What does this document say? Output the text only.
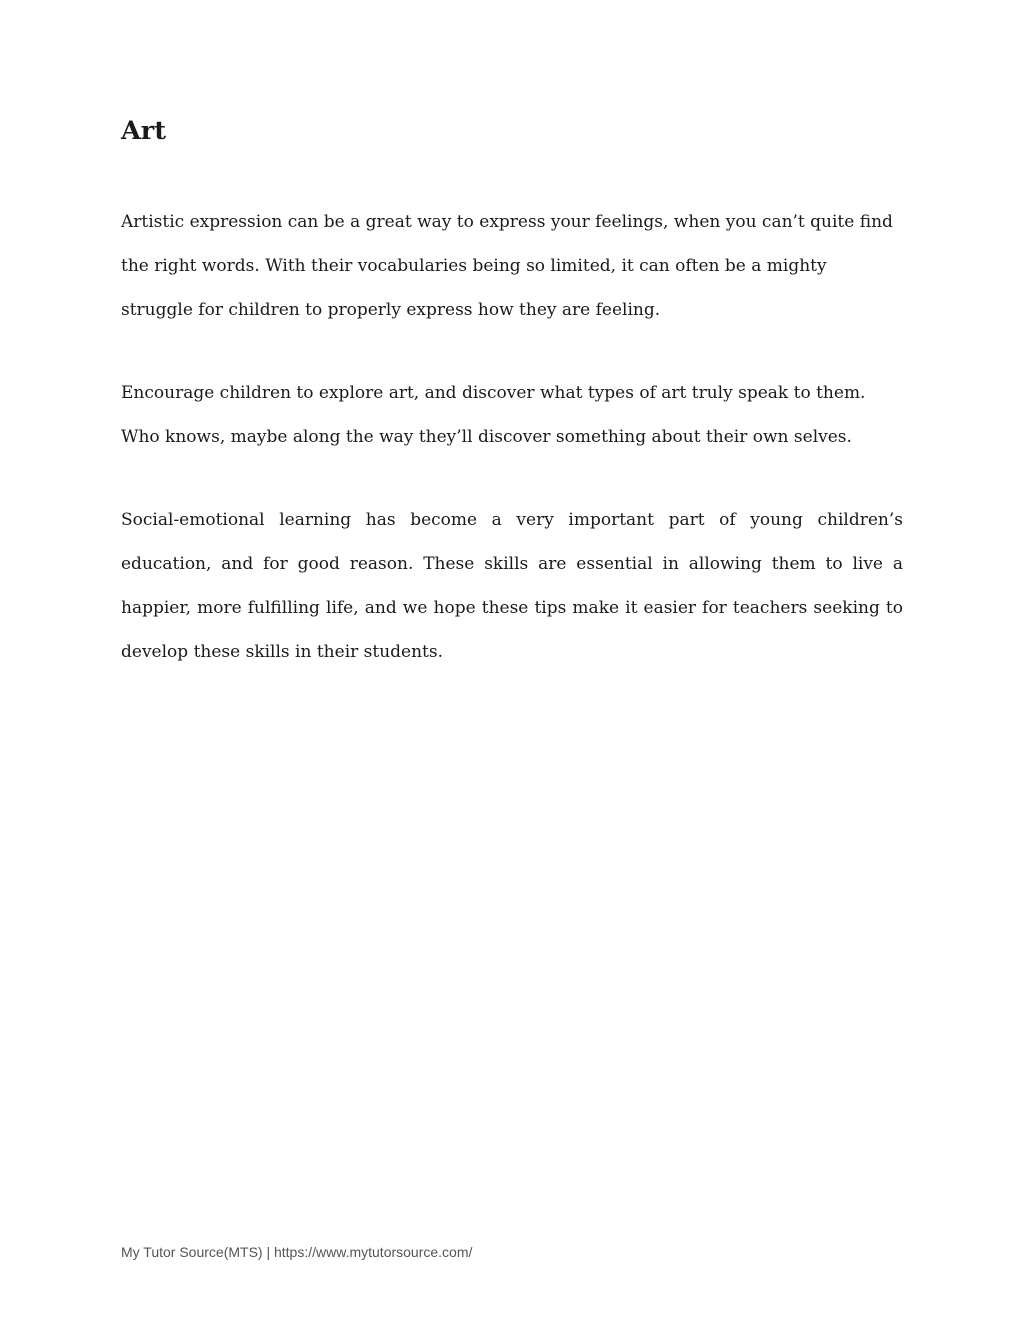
Art

Artistic expression can be a great way to express your feelings, when you can’t quite find the right words. With their vocabularies being so limited, it can often be a mighty struggle for children to properly express how they are feeling.

Encourage children to explore art, and discover what types of art truly speak to them. Who knows, maybe along the way they’ll discover something about their own selves.

Social-emotional learning has become a very important part of young children’s education, and for good reason. These skills are essential in allowing them to live a happier, more fulfilling life, and we hope these tips make it easier for teachers seeking to develop these skills in their students.

My Tutor Source(MTS) | https://www.mytutorsource.com/
